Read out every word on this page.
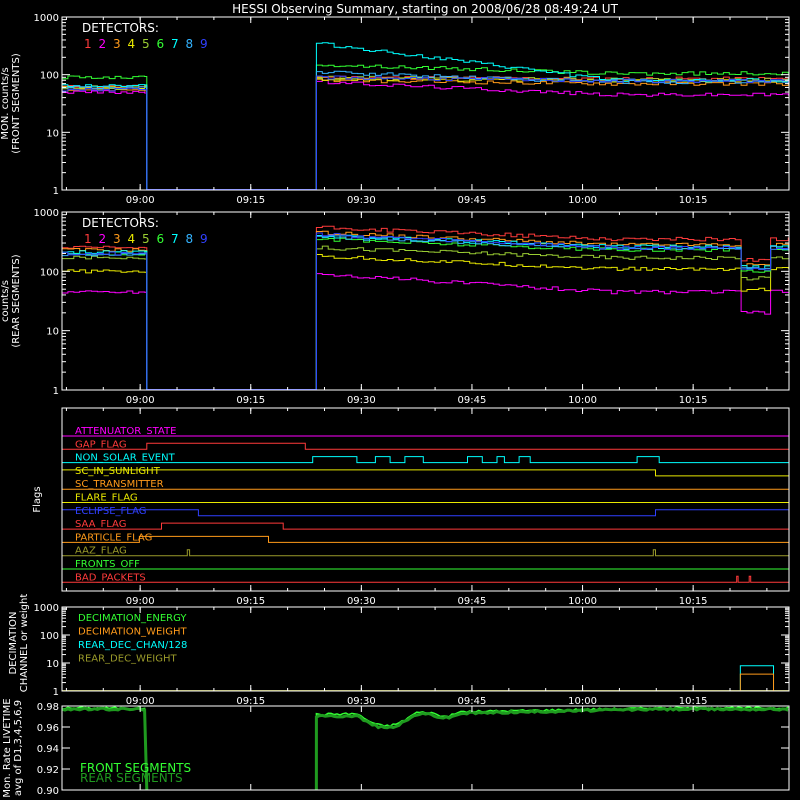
HESSI Observing Summary, starting on 2008/06/28 08:49:24 UT
1
10
100
1000
09:00	09:15	09:30	09:45	10:00	10:15
DETECTORS:
1 2 3 4 5 6 7 8 9
MON. counts/s(FRONT SEGMENTS)
1
10
100
1000
09:00	09:15	09:30	09:45	10:00	10:15
DETECTORS:
1 2 3 4 5 6 7 8 9
counts/s(REAR SEGMENTS)
ATTENUATOR_STATE
GAP_FLAG
NON_SOLAR_EVENT
SC_IN_SUNLIGHT
SC_TRANSMITTER
FLARE_FLAG
ECLIPSE_FLAG
SAA_FLAG
PARTICLE_FLAG
AAZ_FLAG
FRONTS_OFF
BAD_PACKETS
09:00	09:15	09:30	09:45	10:00	10:15
Flags
1
10
100
1000
09:00	09:15	09:30	09:45	10:00	10:15
DECIMATION_ENERGY
DECIMATION_WEIGHT
REAR_DEC_CHAN/128
REAR_DEC_WEIGHT
DECIMATIONCHANNEL or weight
0.90
0.92
0.94
0.96
0.98
FRONT SEGMENTS
REAR SEGMENTS
Mon. Rate LIVETIMEavg of D1,3,4,5,6,9
